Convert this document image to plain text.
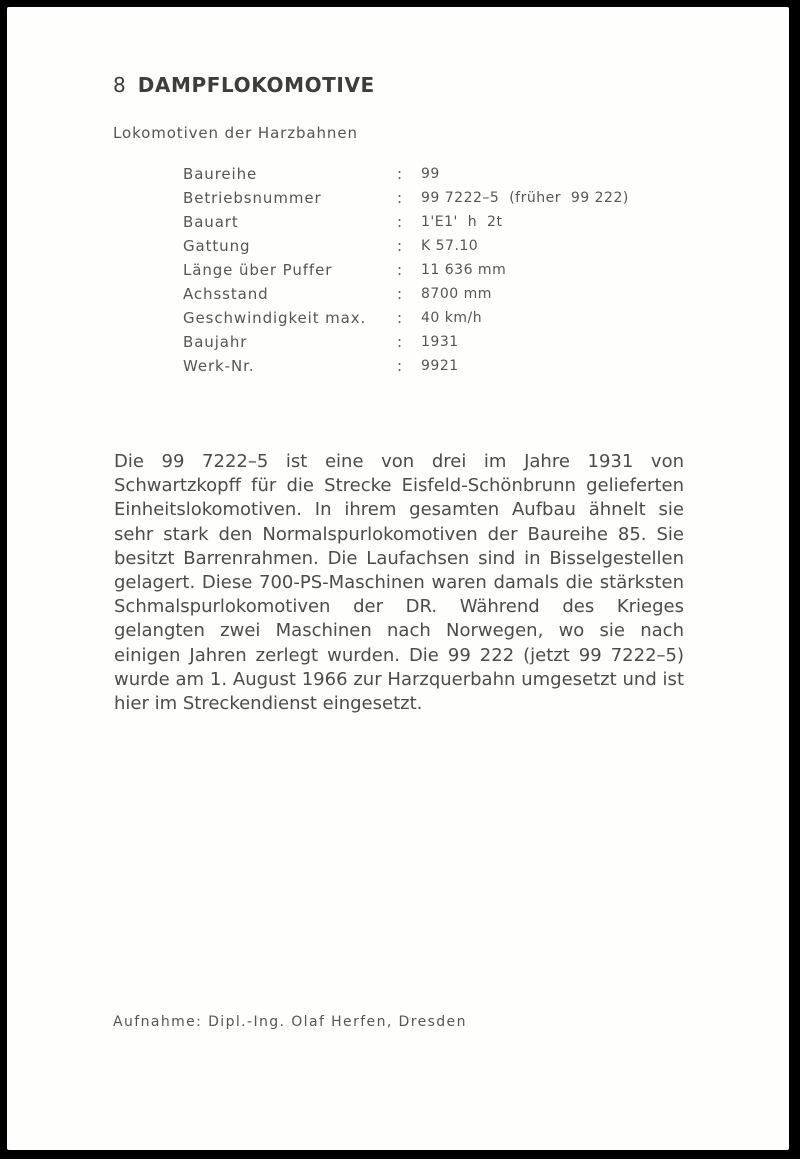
8 DAMPFLOKOMOTIVE

Lokomotiven der Harzbahnen

Baureihe	: 99
Betriebsnummer	: 99 7222–5  (früher  99 222)
Bauart	: 1'E1'  h  2t
Gattung	: K 57.10
Länge über Puffer	: 11 636 mm
Achsstand	: 8700 mm
Geschwindigkeit max. : 40 km/h
Baujahr	: 1931
Werk-Nr.	: 9921

Die 99 7222–5 ist eine von drei im Jahre 1931 von Schwartzkopff für die Strecke Eisfeld-Schönbrunn gelieferten Einheitslokomotiven. In ihrem gesamten Aufbau ähnelt sie sehr stark den Normalspurlokomotiven der Baureihe 85. Sie besitzt Barrenrahmen. Die Laufachsen sind in Bisselgestellen gelagert. Diese 700-PS-Maschinen waren damals die stärksten Schmalspurlokomotiven der DR. Während des Krieges gelangten zwei Maschinen nach Norwegen, wo sie nach einigen Jahren zerlegt wurden. Die 99 222 (jetzt 99 7222–5) wurde am 1. August 1966 zur Harzquerbahn umgesetzt und ist hier im Streckendienst eingesetzt.

Aufnahme: Dipl.-Ing. Olaf Herfen, Dresden
